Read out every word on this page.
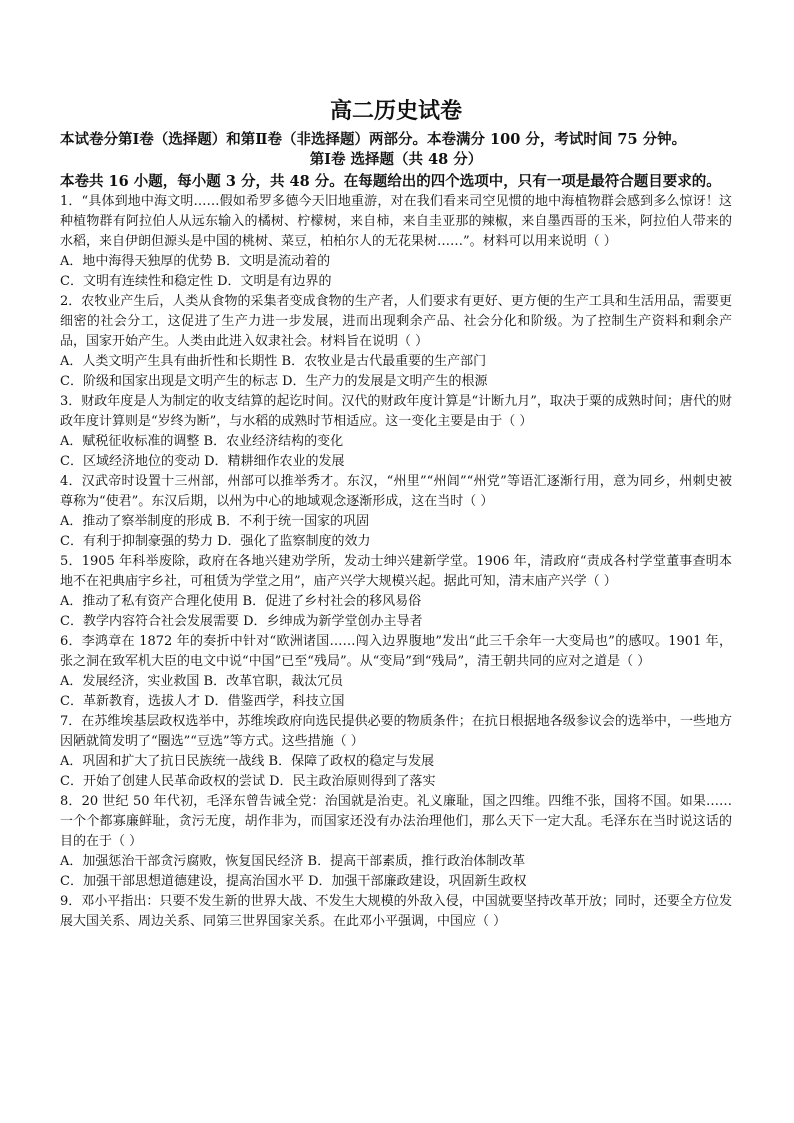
高二历史试卷
本试卷分第Ⅰ卷（选择题）和第Ⅱ卷（非选择题）两部分。本卷满分 100 分，考试时间 75 分钟。
第Ⅰ卷 选择题（共 48 分）
本卷共 16 小题，每小题 3 分，共 48 分。在每题给出的四个选项中，只有一项是最符合题目要求的。
1．“具体到地中海文明……假如希罗多德今天旧地重游，对在我们看来司空见惯的地中海植物群会感到多么惊讶！这种植物群有阿拉伯人从远东输入的橘树、柠檬树，来自柿，来自圭亚那的辣椒，来自墨西哥的玉米，阿拉伯人带来的水稻，来自伊朗但源头是中国的桃树、菜豆，柏柏尔人的无花果树……”。材料可以用来说明（ ）
A．地中海得天独厚的优势 B．文明是流动着的
C．文明有连续性和稳定性 D．文明是有边界的
2．农牧业产生后，人类从食物的采集者变成食物的生产者，人们要求有更好、更方便的生产工具和生活用品，需要更细密的社会分工，这促进了生产力进一步发展，进而出现剩余产品、社会分化和阶级。为了控制生产资料和剩余产品，国家开始产生。人类由此进入奴隶社会。材料旨在说明（ ）
A．人类文明产生具有曲折性和长期性 B．农牧业是古代最重要的生产部门
C．阶级和国家出现是文明产生的标志 D．生产力的发展是文明产生的根源
3．财政年度是人为制定的收支结算的起讫时间。汉代的财政年度计算是“计断九月”，取决于粟的成熟时间；唐代的财政年度计算则是“岁终为断”，与水稻的成熟时节相适应。这一变化主要是由于（ ）
A．赋税征收标准的调整 B．农业经济结构的变化
C．区域经济地位的变动 D．精耕细作农业的发展
4．汉武帝时设置十三州部，州部可以推举秀才。东汉，“州里”“州闾”“州党”等语汇逐渐行用，意为同乡，州刺史被尊称为“使君”。东汉后期，以州为中心的地域观念逐渐形成，这在当时（ ）
A．推动了察举制度的形成 B．不利于统一国家的巩固
C．有利于抑制豪强的势力 D．强化了监察制度的效力
5．1905 年科举废除，政府在各地兴建劝学所，发动士绅兴建新学堂。1906 年，清政府“责成各村学堂董事查明本地不在祀典庙宇乡社，可租赁为学堂之用”，庙产兴学大规模兴起。据此可知，清末庙产兴学（ ）
A．推动了私有资产合理化使用 B．促进了乡村社会的移风易俗
C．教学内容符合社会发展需要 D．乡绅成为新学堂创办主导者
6．李鸿章在 1872 年的奏折中针对“欧洲诸国……闯入边界腹地”发出“此三千余年一大变局也”的感叹。1901 年，张之洞在致军机大臣的电文中说“中国”已至“残局”。从“变局”到“残局”，清王朝共同的应对之道是（ ）
A．发展经济，实业救国 B．改革官职，裁汰冗员
C．革新教育，选拔人才 D．借鉴西学，科技立国
7．在苏维埃基层政权选举中，苏维埃政府向选民提供必要的物质条件；在抗日根据地各级参议会的选举中，一些地方因陋就简发明了“圈选”“豆选”等方式。这些措施（ ）
A．巩固和扩大了抗日民族统一战线 B．保障了政权的稳定与发展
C．开始了创建人民革命政权的尝试 D．民主政治原则得到了落实
8．20 世纪 50 年代初，毛泽东曾告诫全党：治国就是治吏。礼义廉耻，国之四维。四维不张，国将不国。如果……一个个都寡廉鲜耻，贪污无度，胡作非为，而国家还没有办法治理他们，那么天下一定大乱。毛泽东在当时说这话的目的在于（ ）
A．加强惩治干部贪污腐败，恢复国民经济 B．提高干部素质，推行政治体制改革
C．加强干部思想道德建设，提高治国水平 D．加强干部廉政建设，巩固新生政权
9．邓小平指出：只要不发生新的世界大战、不发生大规模的外敌入侵，中国就要坚持改革开放；同时，还要全方位发展大国关系、周边关系、同第三世界国家关系。在此邓小平强调，中国应（ ）
